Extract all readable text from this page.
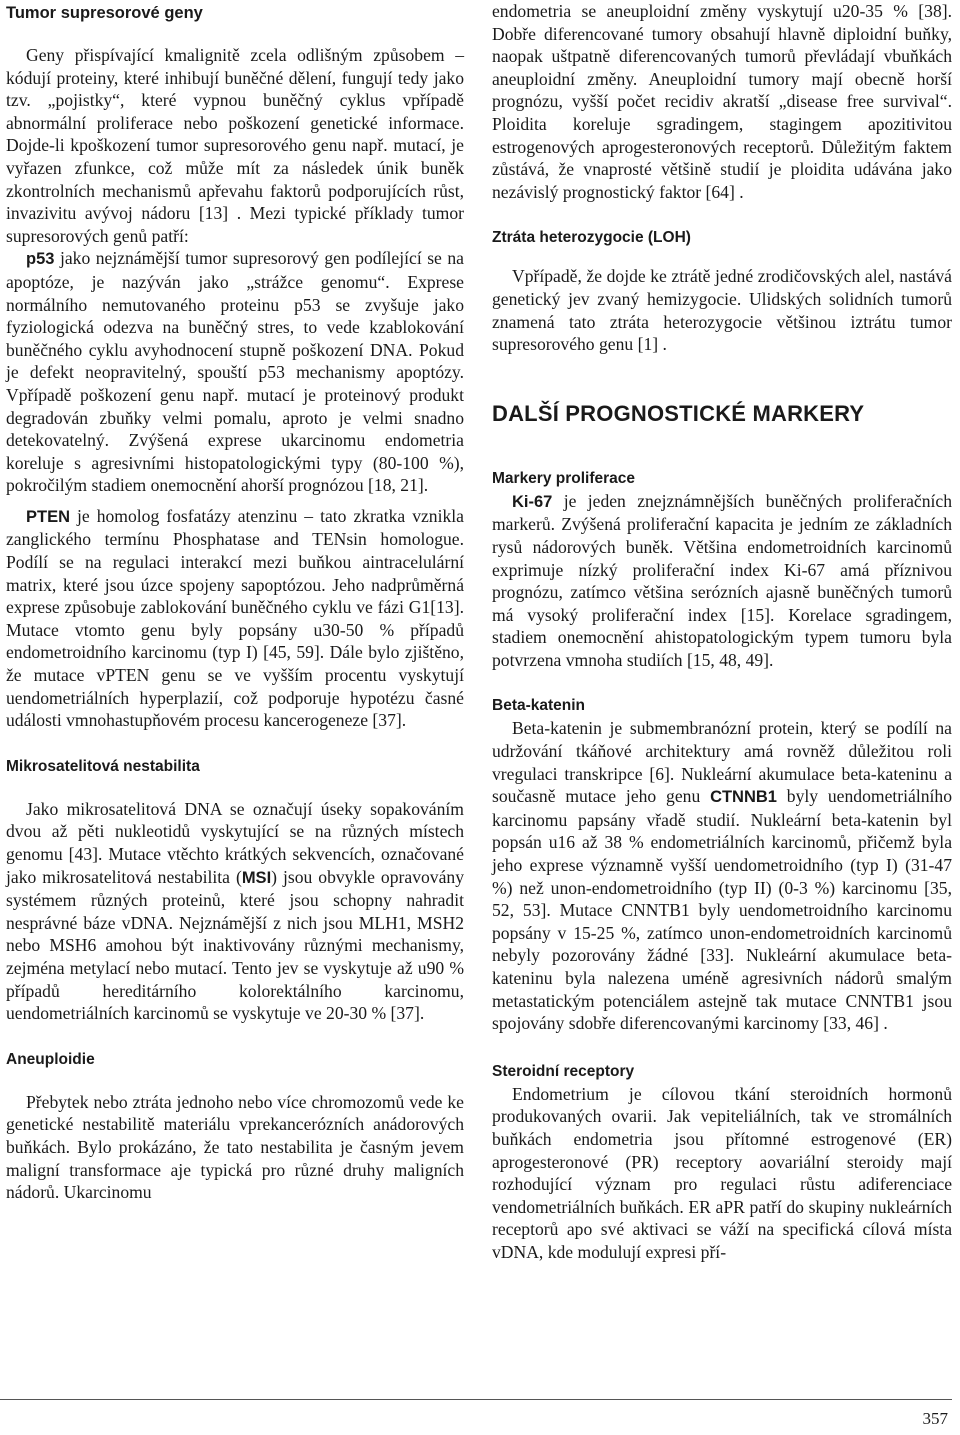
Tumor supresorové geny

Geny přispívající kmalignitě zcela odlišným způsobem – kódují proteiny, které inhibují buněčné dělení, fungují tedy jako tzv. „pojistky“, které vypnou buněčný cyklus vpřípadě abnormální proliferace nebo poškození genetické informace. Dojde-li kpoškození tumor supresorového genu např. mutací, je vyřazen zfunkce, což může mít za následek únik buněk zkontrolních mechanismů apřevahu faktorů podporujících růst, invazivitu avývoj nádoru [13] . Mezi typické příklady tumor supresorových genů patří:

p53 jako nejznámější tumor supresorový gen podílející se na apoptóze, je nazýván jako „strážce genomu“. Exprese normálního nemutovaného proteinu p53 se zvyšuje jako fyziologická odezva na buněčný stres, to vede kzablokování buněčného cyklu avyhodnocení stupně poškození DNA. Pokud je defekt neopravitelný, spouští p53 mechanismy apoptózy. Vpřípadě poškození genu např. mutací je proteinový produkt degradován zbuňky velmi pomalu, aproto je velmi snadno detekovatelný. Zvýšená exprese ukarcinomu endometria koreluje s agresivními histopatologickými typy (80-100 %), pokročilým stadiem onemocnění ahorší prognózou [18, 21].

PTEN je homolog fosfatázy atenzinu – tato zkratka vznikla zanglického termínu Phosphatase and TENsin homologue. Podílí se na regulaci interakcí mezi buňkou aintracelulární matrix, které jsou úzce spojeny sapoptózou. Jeho nadprůměrná exprese způsobuje zablokování buněčného cyklu ve fázi G1[13]. Mutace vtomto genu byly popsány u30-50 % případů endometroidního karcinomu (typ I) [45, 59]. Dále bylo zjištěno, že mutace vPTEN genu se ve vyšším procentu vyskytují uendometriálních hyperplazií, což podporuje hypotézu časné události vmnohastupňovém procesu kancerogeneze [37].

Mikrosatelitová nestabilita

Jako mikrosatelitová DNA se označují úseky sopakováním dvou až pěti nukleotidů vyskytující se na různých místech genomu [43]. Mutace vtěchto krátkých sekvencích, označované jako mikrosatelitová nestabilita (MSI) jsou obvykle opravovány systémem různých proteinů, které jsou schopny nahradit nesprávné báze vDNA. Nejznámější z nich jsou MLH1, MSH2 nebo MSH6 amohou být inaktivovány různými mechanismy, zejména metylací nebo mutací. Tento jev se vyskytuje až u90 % případů hereditárního kolorektálního karcinomu, uendometriálních karcinomů se vyskytuje ve 20-30 % [37].

Aneuploidie

Přebytek nebo ztráta jednoho nebo více chromozomů vede ke genetické nestabilitě materiálu vprekancerózních anádorových buňkách. Bylo prokázáno, že tato nestabilita je časným jevem maligní transformace aje typická pro různé druhy maligních nádorů. Ukarcinomu

endometria se aneuploidní změny vyskytují u20-35 % [38]. Dobře diferencované tumory obsahují hlavně diploidní buňky, naopak uštpatně diferencovaných tumorů převládají vbuňkách aneuploidní změny. Aneuploidní tumory mají obecně horší prognózu, vyšší počet recidiv akratší „disease free survival“. Ploidita koreluje sgradingem, stagingem apozitivitou estrogenových aprogesteronových receptorů. Důležitým faktem zůstává, že vnaprosté většině studií je ploidita udávána jako nezávislý prognostický faktor [64] .

Ztráta heterozygocie (LOH)

Vpřípadě, že dojde ke ztrátě jedné zrodičovských alel, nastává genetický jev zvaný hemizygocie. Ulidských solidních tumorů znamená tato ztráta heterozygocie většinou iztrátu tumor supresorového genu [1] .

DALŠÍ PROGNOSTICKÉ MARKERY
Markery proliferace

Ki-67 je jeden znejznámnějších buněčných proliferačních markerů. Zvýšená proliferační kapacita je jedním ze základních rysů nádorových buněk. Většina endometroidních karcinomů exprimuje nízký proliferační index Ki-67 amá příznivou prognózu, zatímco většina serózních ajasně buněčných tumorů má vysoký proliferační index [15]. Korelace sgradingem, stadiem onemocnění ahistopatologickým typem tumoru byla potvrzena vmnoha studiích [15, 48, 49].

Beta-katenin

Beta-katenin je submembranózní protein, který se podílí na udržování tkáňové architektury amá rovněž důležitou roli vregulaci transkripce [6]. Nukleární akumulace beta-kateninu a současně mutace jeho genu CTNNB1 byly uendometriálního karcinomu papsány vřadě studií. Nukleární beta-katenin byl popsán u16 až 38 % endometriálních karcinomů, přičemž byla jeho exprese významně vyšší uendometroidního (typ I) (31-47 %) než unon-endometroidního (typ II) (0-3 %) karcinomu [35, 52, 53]. Mutace CNNTB1 byly uendometroidního karcinomu popsány v 15-25 %, zatímco unon-endometroidních karcinomů nebyly pozorovány žádné [33]. Nukleární akumulace beta-kateninu byla nalezena uméně agresivních nádorů smalým metastatickým potenciálem astejně tak mutace CNNTB1 jsou spojovány sdobře diferencovanými karcinomy [33, 46] .

Steroidní receptory

Endometrium je cílovou tkání steroidních hormonů produkovaných ovarii. Jak vepiteliálních, tak ve stromálních buňkách endometria jsou přítomné estrogenové (ER) aprogesteronové (PR) receptory aovariální steroidy mají rozhodující význam pro regulaci růstu adiferenciace vendometriálních buňkách. ER aPR patří do skupiny nukleárních receptorů apo své aktivaci se váží na specifická cílová místa vDNA, kde modulují expresi pří-

357
